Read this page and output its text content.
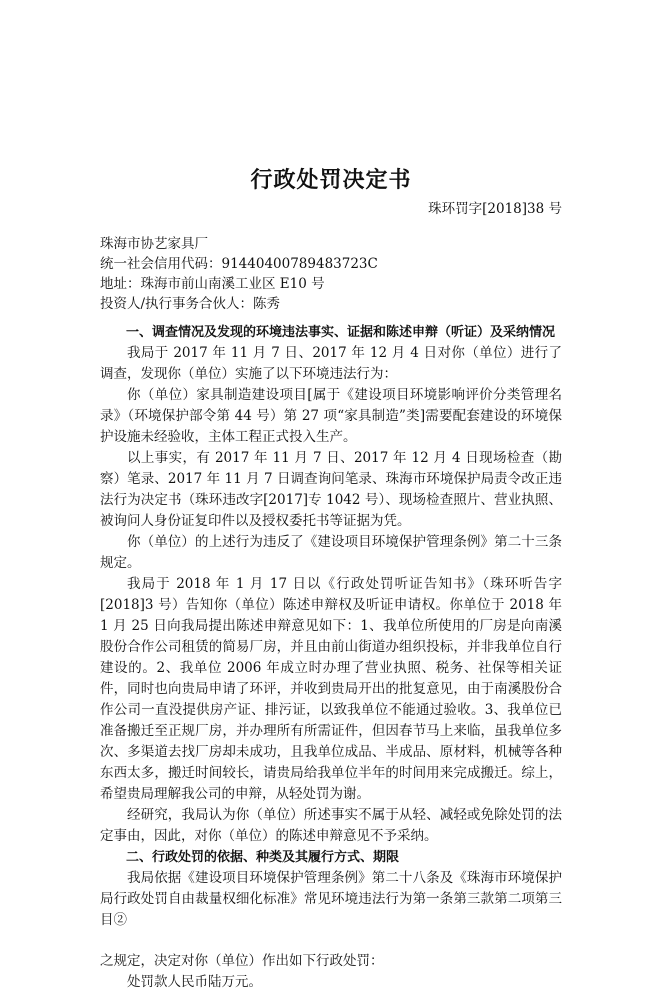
行政处罚决定书
珠环罚字[2018]38 号
珠海市协艺家具厂
统一社会信用代码：91440400789483723C
地址：珠海市前山南溪工业区 E10 号
投资人/执行事务合伙人：陈秀

一、调查情况及发现的环境违法事实、证据和陈述申辩（听证）及采纳情况

我局于 2017 年 11 月 7 日、2017 年 12 月 4 日对你（单位）进行了调查，发现你（单位）实施了以下环境违法行为：

你（单位）家具制造建设项目[属于《建设项目环境影响评价分类管理名录》（环境保护部令第 44 号）第 27 项“家具制造”类]需要配套建设的环境保护设施未经验收，主体工程正式投入生产。

以上事实，有 2017 年 11 月 7 日、2017 年 12 月 4 日现场检查（勘察）笔录、2017 年 11 月 7 日调查询问笔录、珠海市环境保护局责令改正违法行为决定书（珠环违改字[2017]专 1042 号）、现场检查照片、营业执照、被询问人身份证复印件以及授权委托书等证据为凭。

你（单位）的上述行为违反了《建设项目环境保护管理条例》第二十三条规定。

我局于 2018 年 1 月 17 日以《行政处罚听证告知书》（珠环听告字[2018]3 号）告知你（单位）陈述申辩权及听证申请权。你单位于 2018 年 1 月 25 日向我局提出陈述申辩意见如下：1、我单位所使用的厂房是向南溪股份合作公司租赁的简易厂房，并且由前山街道办组织投标，并非我单位自行建设的。2、我单位 2006 年成立时办理了营业执照、税务、社保等相关证件，同时也向贵局申请了环评，并收到贵局开出的批复意见，由于南溪股份合作公司一直没提供房产证、排污证，以致我单位不能通过验收。3、我单位已准备搬迁至正规厂房，并办理所有所需证件，但因春节马上来临，虽我单位多次、多渠道去找厂房却未成功，且我单位成品、半成品、原材料，机械等各种东西太多，搬迁时间较长，请贵局给我单位半年的时间用来完成搬迁。综上，希望贵局理解我公司的申辩，从轻处罚为谢。

经研究，我局认为你（单位）所述事实不属于从轻、减轻或免除处罚的法定事由，因此，对你（单位）的陈述申辩意见不予采纳。

二、行政处罚的依据、种类及其履行方式、期限

我局依据《建设项目环境保护管理条例》第二十八条及《珠海市环境保护局行政处罚自由裁量权细化标准》常见环境违法行为第一条第三款第二项第三目②

之规定，决定对你（单位）作出如下行政处罚：

处罚款人民币陆万元。
